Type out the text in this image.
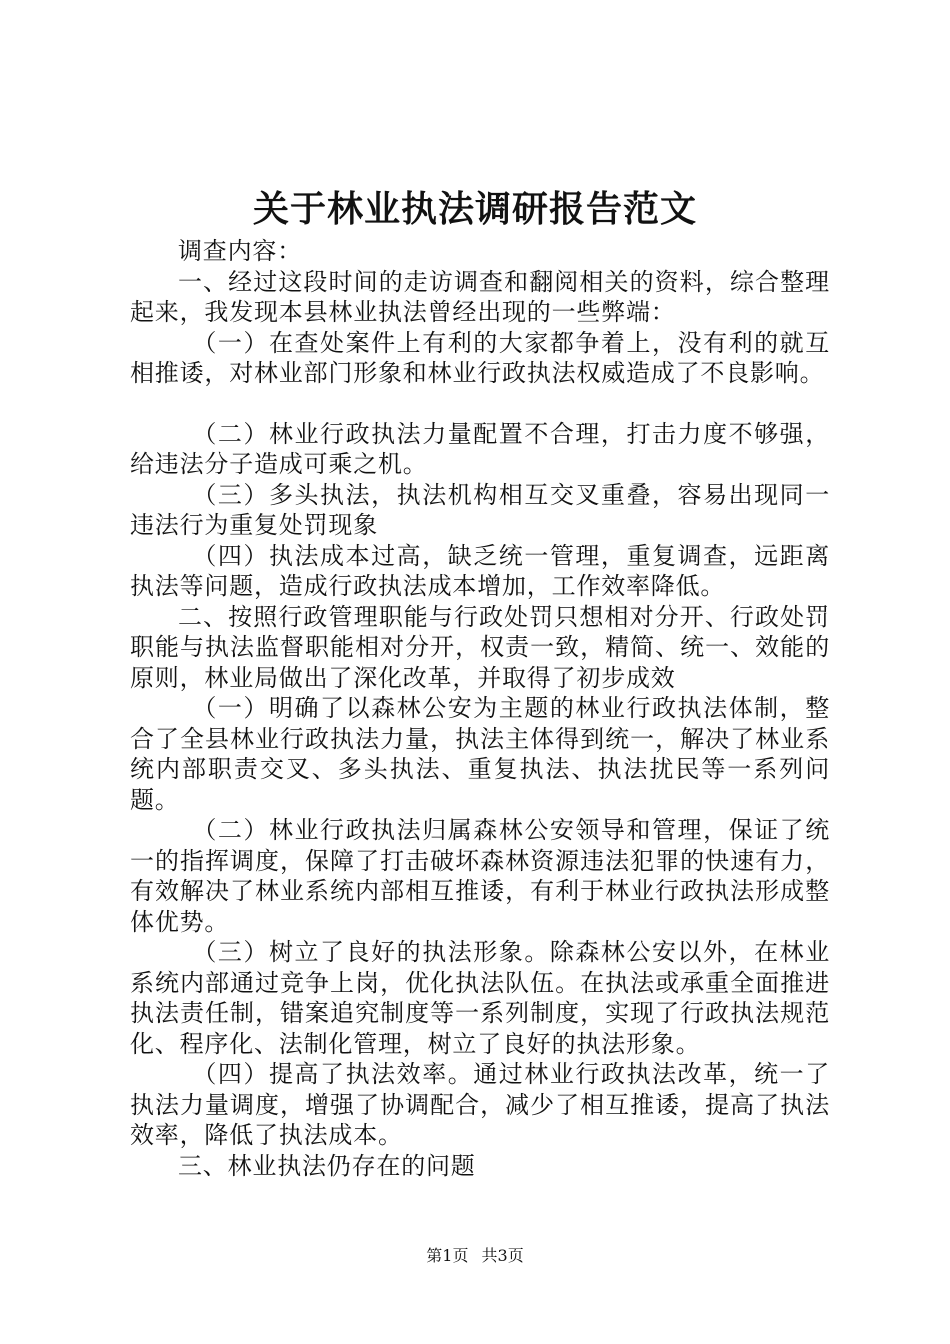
关于林业执法调研报告范文

调查内容：

一、经过这段时间的走访调查和翻阅相关的资料，综合整理起来，我发现本县林业执法曾经出现的一些弊端：

（一）在查处案件上有利的大家都争着上，没有利的就互相推诿，对林业部门形象和林业行政执法权威造成了不良影响。

（二）林业行政执法力量配置不合理，打击力度不够强，给违法分子造成可乘之机。

（三）多头执法，执法机构相互交叉重叠，容易出现同一违法行为重复处罚现象

（四）执法成本过高，缺乏统一管理，重复调查，远距离执法等问题，造成行政执法成本增加，工作效率降低。

二、按照行政管理职能与行政处罚只想相对分开、行政处罚职能与执法监督职能相对分开，权责一致，精简、统一、效能的原则，林业局做出了深化改革，并取得了初步成效

（一）明确了以森林公安为主题的林业行政执法体制，整合了全县林业行政执法力量，执法主体得到统一，解决了林业系统内部职责交叉、多头执法、重复执法、执法扰民等一系列问题。

（二）林业行政执法归属森林公安领导和管理，保证了统一的指挥调度，保障了打击破坏森林资源违法犯罪的快速有力，有效解决了林业系统内部相互推诿，有利于林业行政执法形成整体优势。

（三）树立了良好的执法形象。除森林公安以外，在林业系统内部通过竞争上岗，优化执法队伍。在执法或承重全面推进执法责任制，错案追究制度等一系列制度，实现了行政执法规范化、程序化、法制化管理，树立了良好的执法形象。

（四）提高了执法效率。通过林业行政执法改革，统一了执法力量调度，增强了协调配合，减少了相互推诿，提高了执法效率，降低了执法成本。

三、林业执法仍存在的问题

第1页 共3页
